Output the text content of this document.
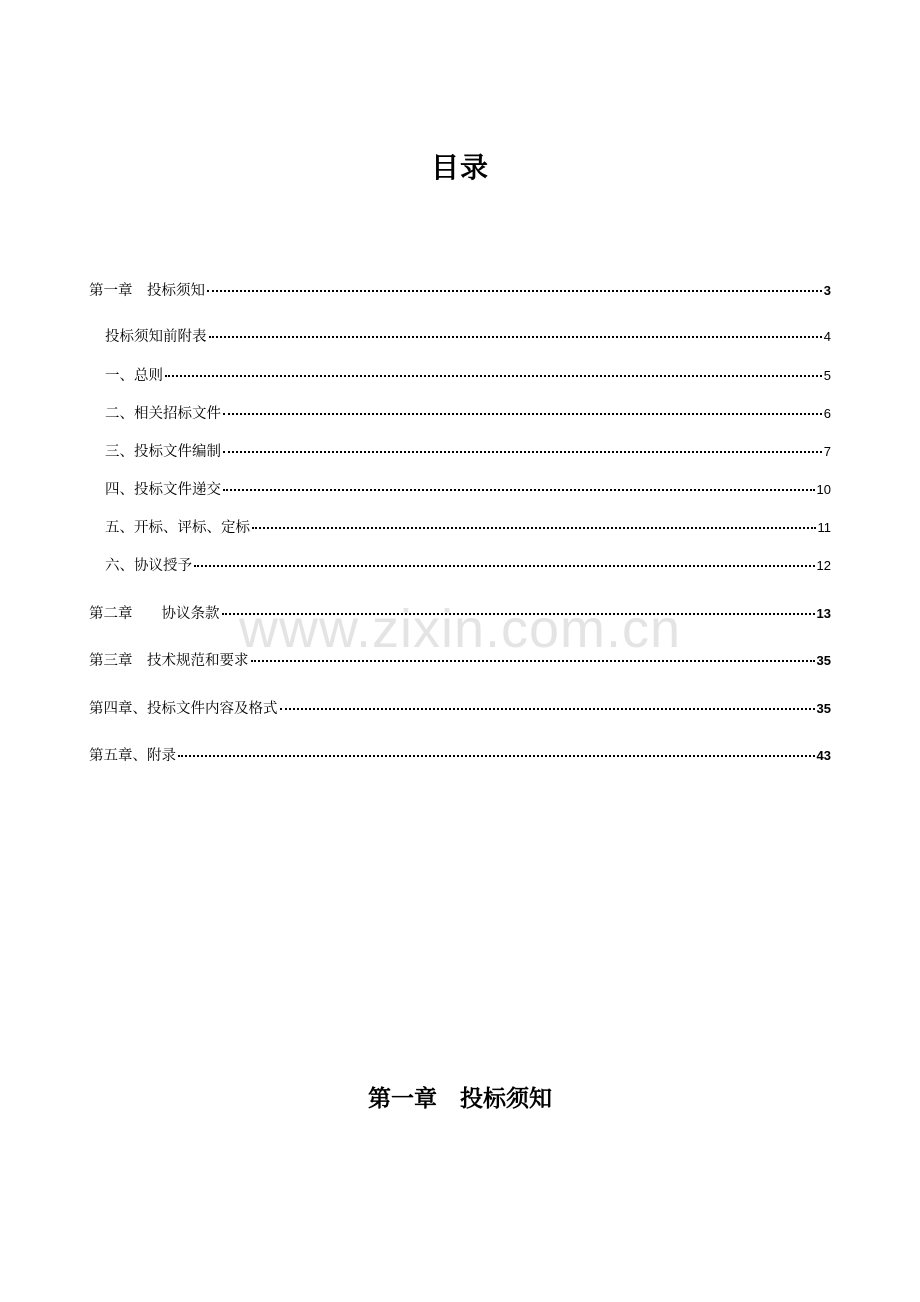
目录
第一章　投标须知	3
投标须知前附表	4
一、总则	5
二、相关招标文件	6
三、投标文件编制	7
四、投标文件递交	10
五、开标、评标、定标	11
六、协议授予	12
第二章　　协议条款	13
第三章　技术规范和要求	35
第四章、投标文件内容及格式	35
第五章、附录	43
www.zixin.com.cn
第一章　投标须知
